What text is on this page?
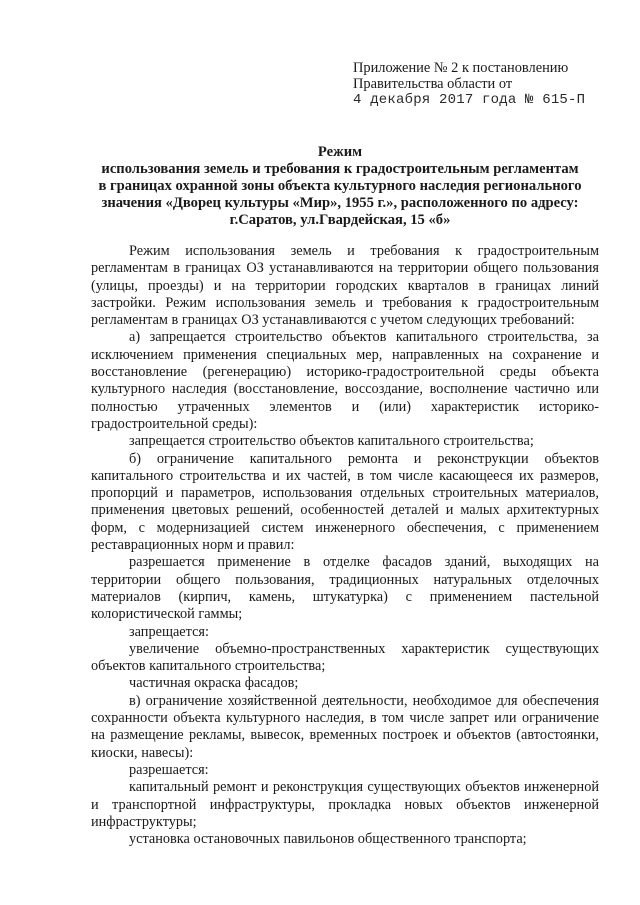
Приложение № 2 к постановлению
Правительства области от
4 декабря 2017 года № 615-П
Режим
использования земель и требования к градостроительным регламентам
в границах охранной зоны объекта культурного наследия регионального
значения «Дворец культуры «Мир», 1955 г.», расположенного по адресу:
г.Саратов, ул.Гвардейская, 15 «б»

Режим использования земель и требования к градостроительным регламентам в границах ОЗ устанавливаются на территории общего пользования (улицы, проезды) и на территории городских кварталов в границах линий застройки. Режим использования земель и требования к градостроительным регламентам в границах ОЗ устанавливаются с учетом следующих требований:

а) запрещается строительство объектов капитального строительства, за исключением применения специальных мер, направленных на сохранение и восстановление (регенерацию) историко-градостроительной среды объекта культурного наследия (восстановление, воссоздание, восполнение частично или полностью утраченных элементов и (или) характеристик историко-градостроительной среды):

запрещается строительство объектов капитального строительства;

б) ограничение капитального ремонта и реконструкции объектов капитального строительства и их частей, в том числе касающееся их размеров, пропорций и параметров, использования отдельных строительных материалов, применения цветовых решений, особенностей деталей и малых архитектурных форм, с модернизацией систем инженерного обеспечения, с применением реставрационных норм и правил:

разрешается применение в отделке фасадов зданий, выходящих на территории общего пользования, традиционных натуральных отделочных материалов (кирпич, камень, штукатурка) с применением пастельной колористической гаммы;

запрещается:

увеличение объемно-пространственных характеристик существующих объектов капитального строительства;

частичная окраска фасадов;

в) ограничение хозяйственной деятельности, необходимое для обеспечения сохранности объекта культурного наследия, в том числе запрет или ограничение на размещение рекламы, вывесок, временных построек и объектов (автостоянки, киоски, навесы):

разрешается:

капитальный ремонт и реконструкция существующих объектов инженерной и транспортной инфраструктуры, прокладка новых объектов инженерной инфраструктуры;

установка остановочных павильонов общественного транспорта;
